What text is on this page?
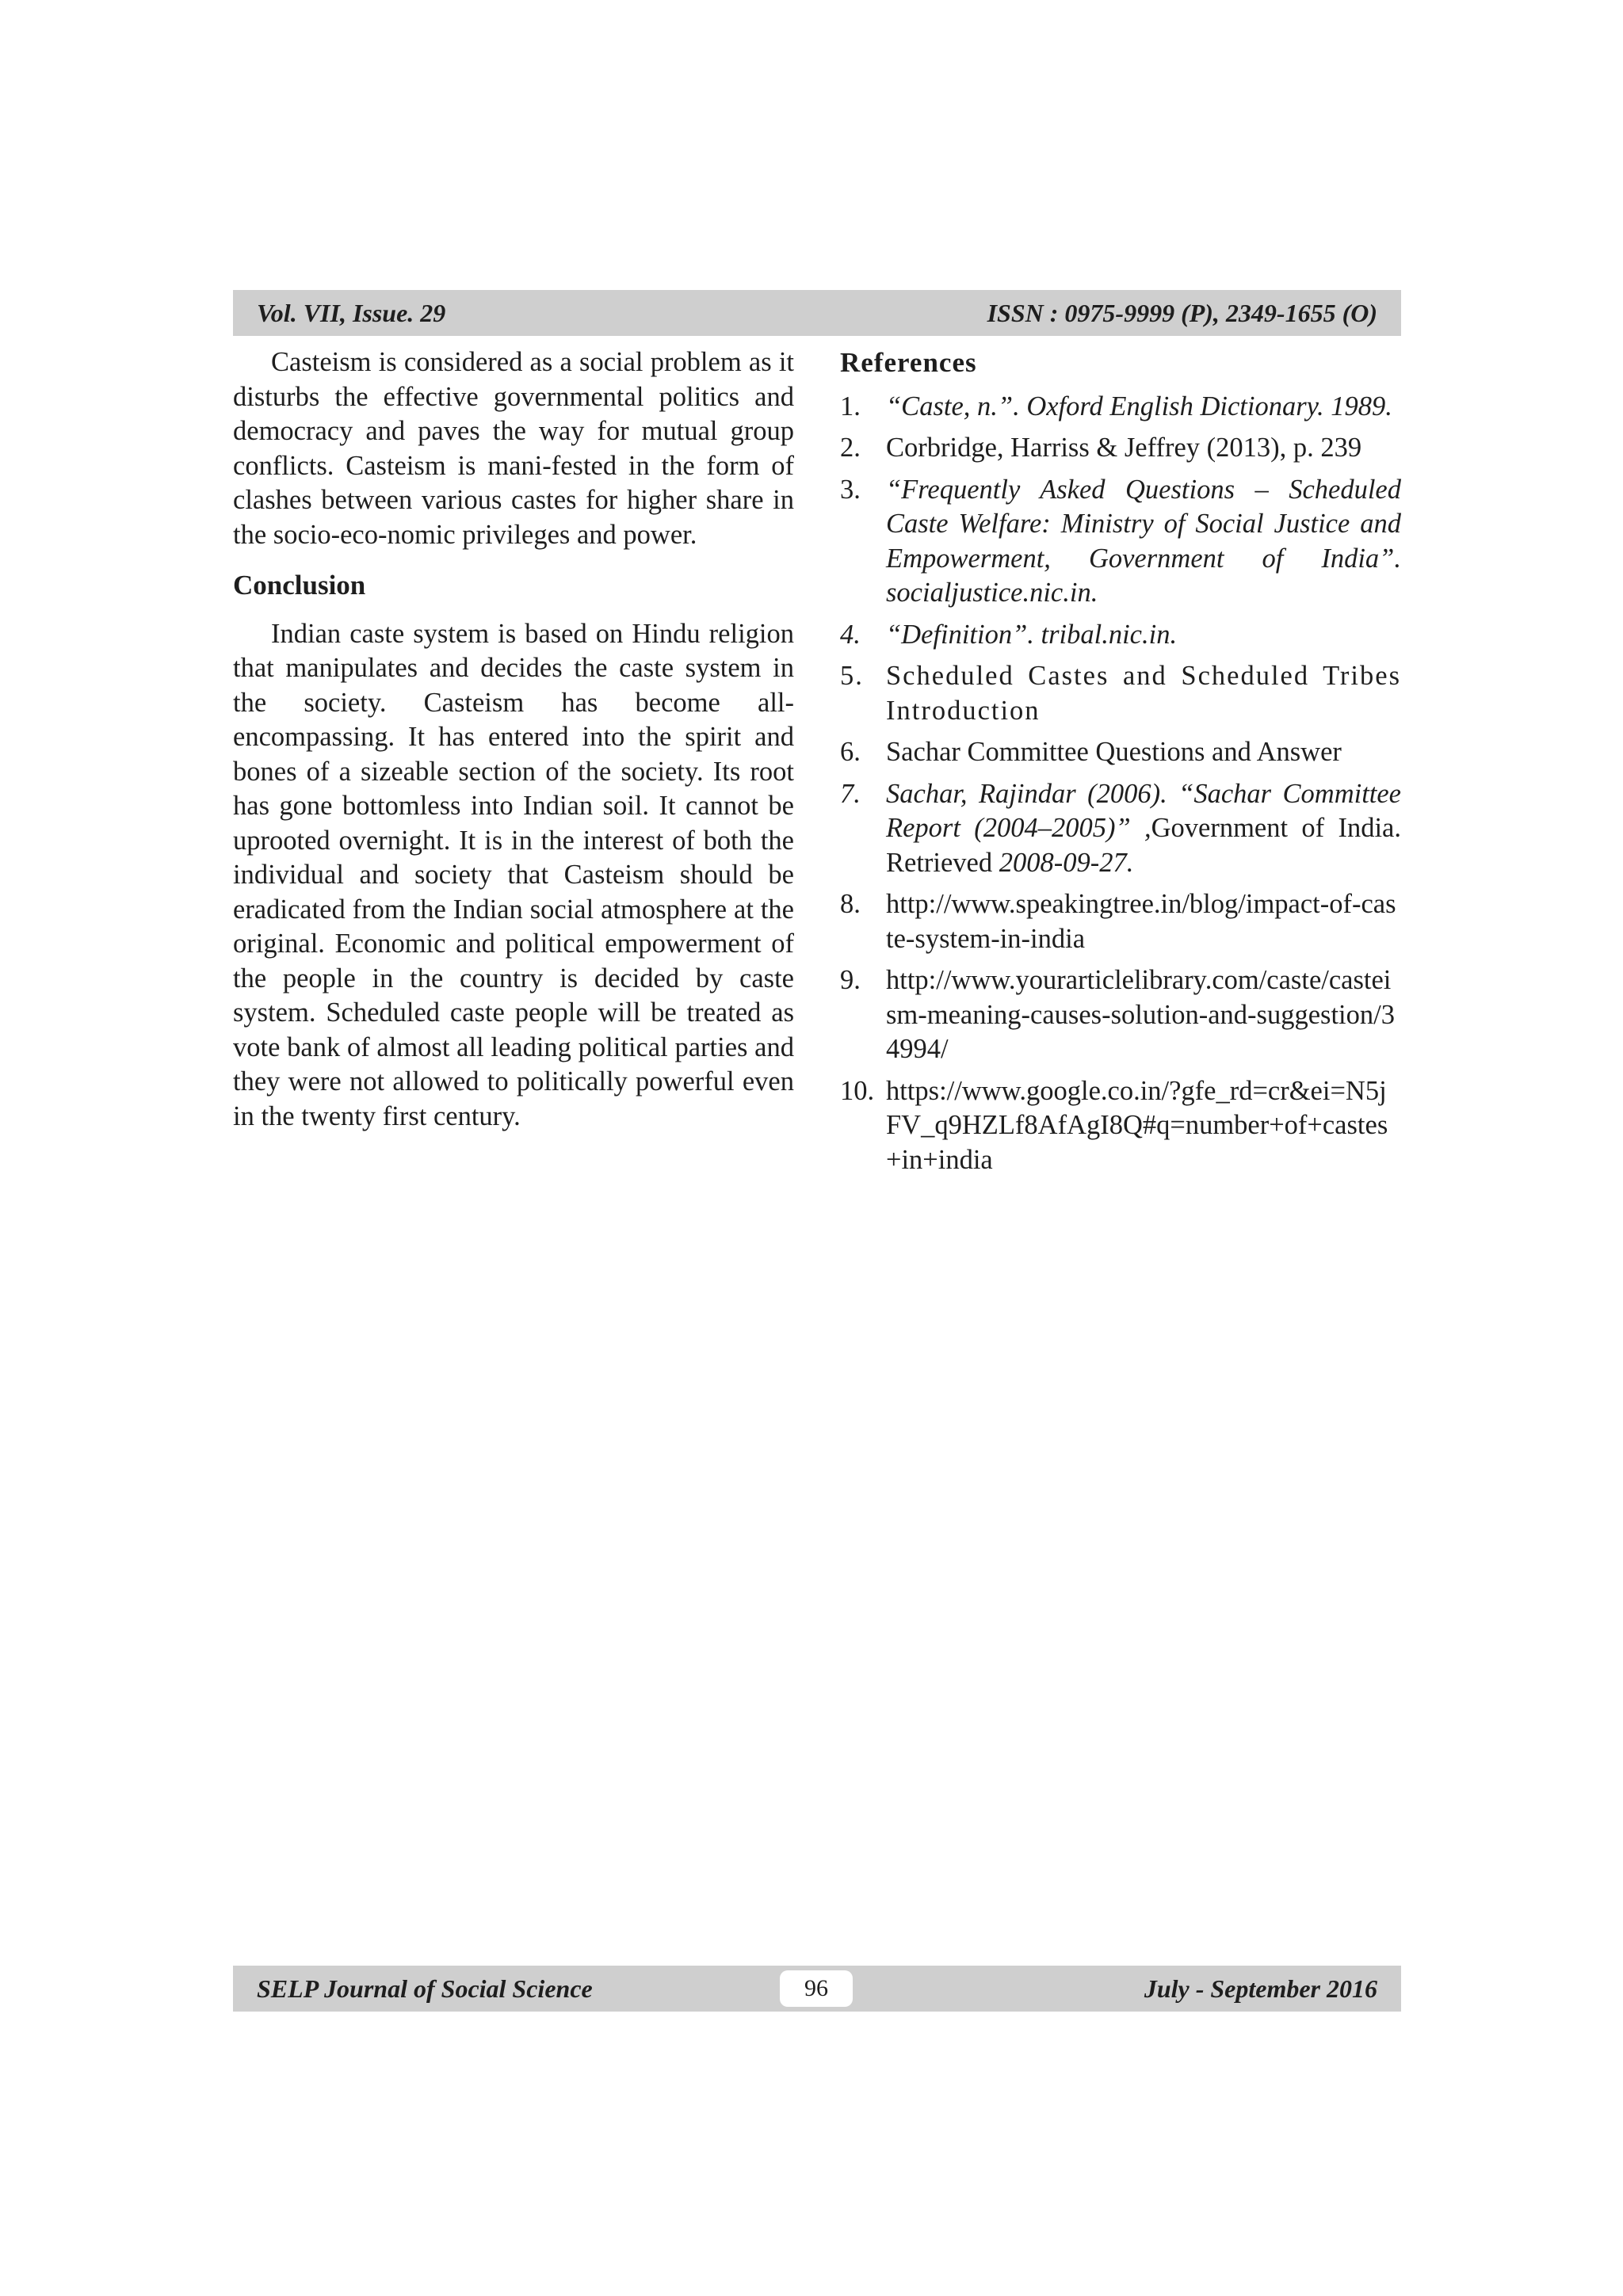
Vol. VII, Issue. 29	ISSN : 0975-9999 (P), 2349-1655 (O)

Casteism is considered as a social problem as it disturbs the effective governmental politics and democracy and paves the way for mutual group conflicts. Casteism is mani-fested in the form of clashes between various castes for higher share in the socio-eco-nomic privileges and power.

Conclusion

Indian caste system is based on Hindu religion that manipulates and decides the caste system in the society. Casteism has become all-encompassing. It has entered into the spirit and bones of a sizeable section of the society. Its root has gone bottomless into Indian soil. It cannot be uprooted overnight. It is in the interest of both the individual and society that Casteism should be eradicated from the Indian social atmosphere at the original. Economic and political empowerment of the people in the country is decided by caste system. Scheduled caste people will be treated as vote bank of almost all leading political parties and they were not allowed to politically powerful even in the twenty first century.

References
1. “Caste, n.”. Oxford English Dictionary. 1989.
2. Corbridge, Harriss & Jeffrey (2013), p. 239
3. “Frequently Asked Questions – Scheduled Caste Welfare: Ministry of Social Justice and Empowerment, Government of India”. socialjustice.nic.in.
4. “Definition”. tribal.nic.in.
5. Scheduled Castes and Scheduled Tribes Introduction
6. Sachar Committee Questions and Answer
7. Sachar, Rajindar (2006). “Sachar Committee Report (2004–2005)” ,Government of India. Retrieved 2008-09-27.
8. http://www.speakingtree.in/blog/impact-of-caste-system-in-india
9. http://www.yourarticlelibrary.com/caste/casteism-meaning-causes-solution-and-suggestion/34994/
10. https://www.google.co.in/?gfe_rd=cr&ei=N5jFV_q9HZLf8AfAgI8Q#q=number+of+castes+in+india
SELP Journal of Social Science	July - September 2016
96
